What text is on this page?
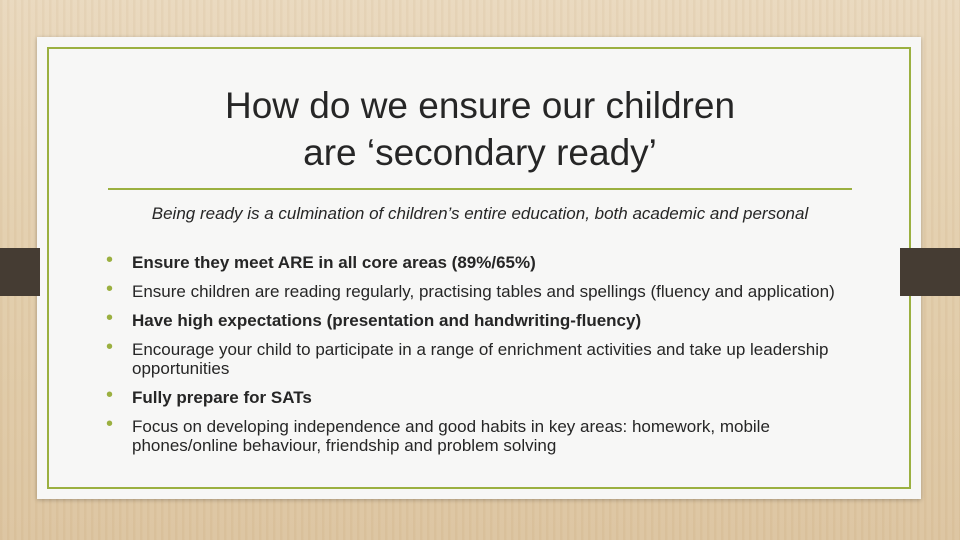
How do we ensure our children
are ‘secondary ready’
Being ready is a culmination of children’s entire education, both academic and personal
• Ensure they meet ARE in all core areas (89%/65%)
• Ensure children are reading regularly, practising tables and spellings (fluency and application)
• Have high expectations (presentation and handwriting-fluency)
• Encourage your child to participate in a range of enrichment activities and take up leadership opportunities
• Fully prepare for SATs
• Focus on developing independence and good habits in key areas: homework, mobile phones/online behaviour, friendship and problem solving
